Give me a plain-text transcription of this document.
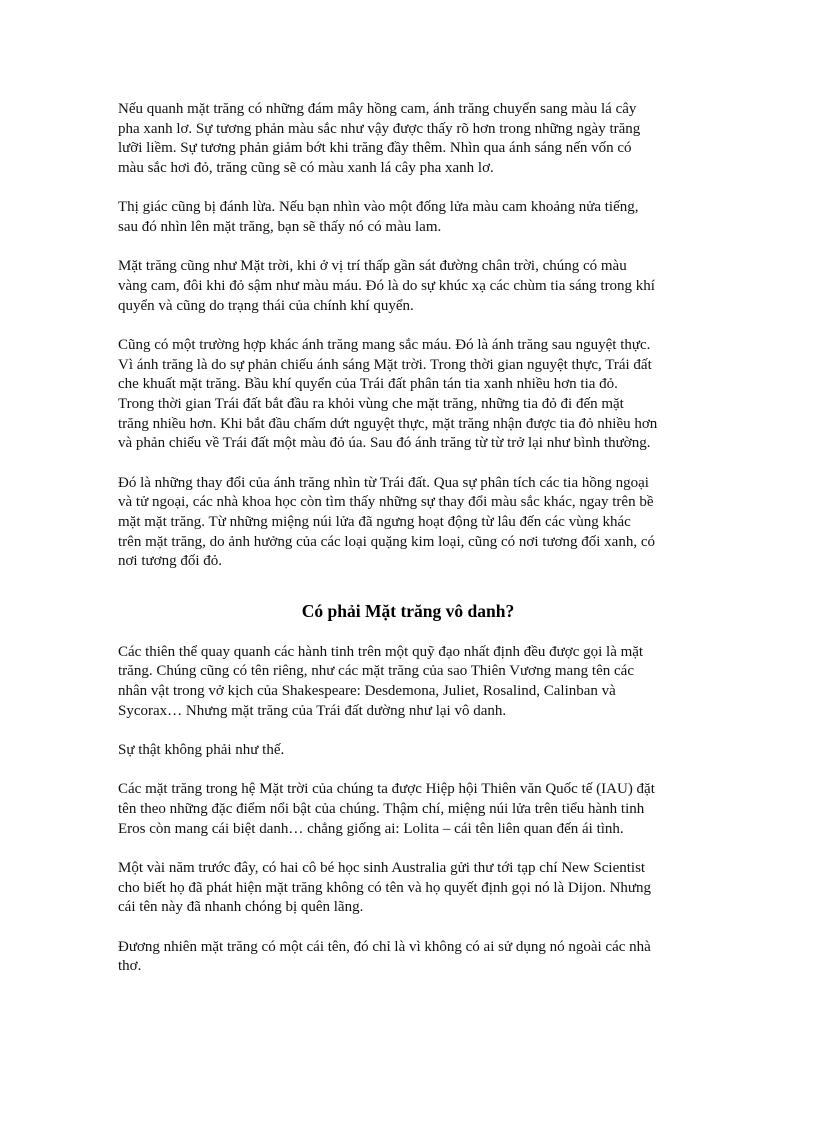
Nếu quanh mặt trăng có những đám mây hồng cam, ánh trăng chuyển sang màu lá cây
pha xanh lơ. Sự tương phản màu sắc như vậy được thấy rõ hơn trong những ngày trăng
lưỡi liềm. Sự tương phản giảm bớt khi trăng đầy thêm. Nhìn qua ánh sáng nến vốn có
màu sắc hơi đỏ, trăng cũng sẽ có màu xanh lá cây pha xanh lơ.

Thị giác cũng bị đánh lừa. Nếu bạn nhìn vào một đống lửa màu cam khoảng nửa tiếng,
sau đó nhìn lên mặt trăng, bạn sẽ thấy nó có màu lam.

Mặt trăng cũng như Mặt trời, khi ở vị trí thấp gần sát đường chân trời, chúng có màu
vàng cam, đôi khi đỏ sậm như màu máu. Đó là do sự khúc xạ các chùm tia sáng trong khí
quyển và cũng do trạng thái của chính khí quyển.

Cũng có một trường hợp khác ánh trăng mang sắc máu. Đó là ánh trăng sau nguyệt thực.
Vì ánh trăng là do sự phản chiếu ánh sáng Mặt trời. Trong thời gian nguyệt thực, Trái đất
che khuất mặt trăng. Bầu khí quyển của Trái đất phân tán tia xanh nhiều hơn tia đỏ.
Trong thời gian Trái đất bắt đầu ra khỏi vùng che mặt trăng, những tia đỏ đi đến mặt
trăng nhiều hơn. Khi bắt đầu chấm dứt nguyệt thực, mặt trăng nhận được tia đỏ nhiều hơn
và phản chiếu về Trái đất một màu đỏ úa. Sau đó ánh trăng từ từ trở lại như bình thường.

Đó là những thay đổi của ánh trăng nhìn từ Trái đất. Qua sự phân tích các tia hồng ngoại
và tử ngoại, các nhà khoa học còn tìm thấy những sự thay đổi màu sắc khác, ngay trên bề
mặt mặt trăng. Từ những miệng núi lửa đã ngưng hoạt động từ lâu đến các vùng khác
trên mặt trăng, do ảnh hưởng của các loại quặng kim loại, cũng có nơi tương đối xanh, có
nơi tương đối đỏ.

Có phải Mặt trăng vô danh?

Các thiên thể quay quanh các hành tinh trên một quỹ đạo nhất định đều được gọi là mặt
trăng. Chúng cũng có tên riêng, như các mặt trăng của sao Thiên Vương mang tên các
nhân vật trong vở kịch của Shakespeare: Desdemona, Juliet, Rosalind, Calinban và
Sycorax… Nhưng mặt trăng của Trái đất dường như lại vô danh.

Sự thật không phải như thế.

Các mặt trăng trong hệ Mặt trời của chúng ta được Hiệp hội Thiên văn Quốc tế (IAU) đặt
tên theo những đặc điểm nổi bật của chúng. Thậm chí, miệng núi lửa trên tiểu hành tinh
Eros còn mang cái biệt danh… chẳng giống ai: Lolita – cái tên liên quan đến ái tình.

Một vài năm trước đây, có hai cô bé học sinh Australia gửi thư tới tạp chí New Scientist
cho biết họ đã phát hiện mặt trăng không có tên và họ quyết định gọi nó là Dijon. Nhưng
cái tên này đã nhanh chóng bị quên lãng.

Đương nhiên mặt trăng có một cái tên, đó chỉ là vì không có ai sử dụng nó ngoài các nhà
thơ.
